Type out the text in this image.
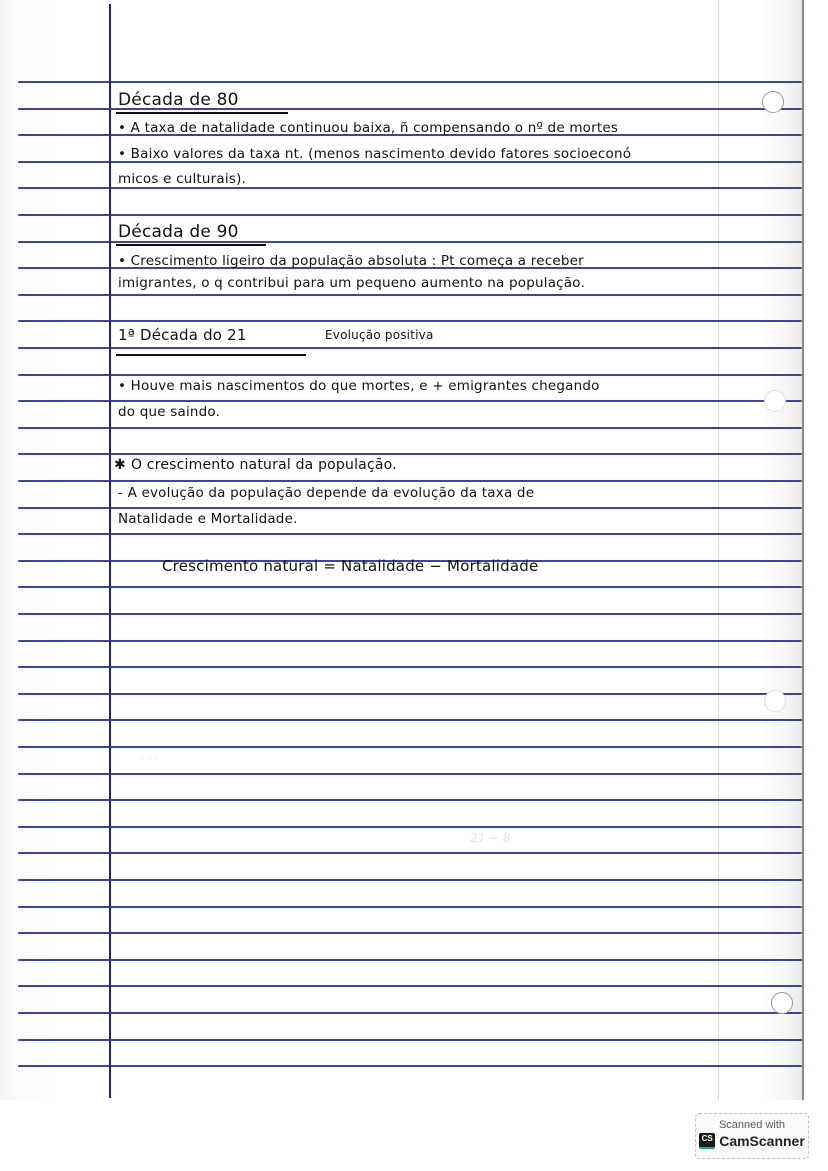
Década de 80
• A taxa de natalidade continuou baixa, ñ compensando o nº de mortes
• Baixo valores da taxa nt. (menos nascimento devido fatores socioeconó
micos e culturais).
Década de 90
• Crescimento ligeiro da população absoluta : Pt começa a receber
imigrantes, o q contribui para um pequeno aumento na população.
1ª Década do 21	Evolução positiva
• Houve mais nascimentos do que mortes, e + emigrantes chegando
do que saindo.
✱ O crescimento natural da população.
- A evolução da população depende da evolução da taxa de
Natalidade e Mortalidade.
Crescimento natural = Natalidade − Mortalidade
21 − 8
· · ·
Scanned with
CS CamScanner
